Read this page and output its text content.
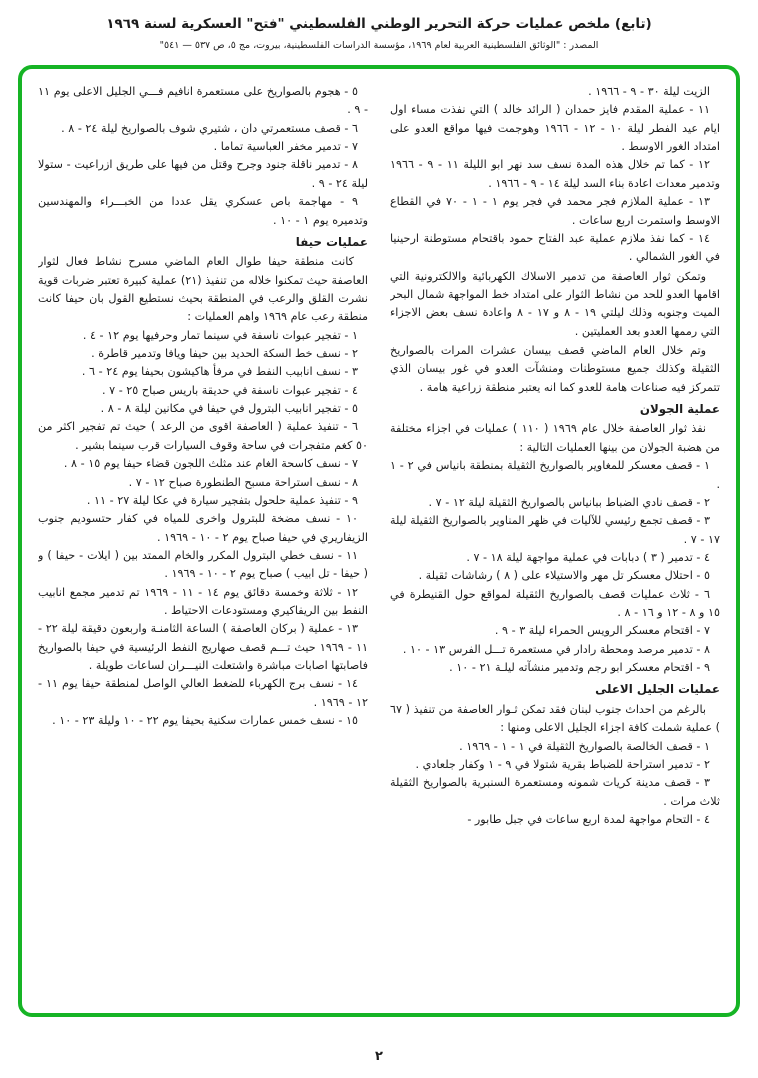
(تابع) ملخص عمليات حركة التحرير الوطني الفلسطيني "فتح" العسكرية لسنة ١٩٦٩
المصدر : "الوثائق الفلسطينية العربية لعام ١٩٦٩، مؤسسة الدراسات الفلسطينية، بيروت، مج ٥، ص ٥٣٧ — ٥٤١"

الزيت ليلة ٣٠ - ٩ - ١٩٦٦ .

١١ - عملية المقدم فايز حمدان ( الرائد خالد ) التي نفذت مساء اول ايام عيد الفطر ليلة ١٠ - ١٢ - ١٩٦٦ وهوجمت فيها مواقع العدو على امتداد الغور الاوسط .

١٢ - كما تم خلال هذه المدة نسف سد نهر ابو الليلة ١١ - ٩ - ١٩٦٦ وتدمير معدات اعادة بناء السد ليلة ١٤ - ٩ - ١٩٦٦ .

١٣ - عملية الملازم فجر محمد في فجر يوم ١ - ١ - ٧٠ في القطاع الاوسط واستمرت اربع ساعات .

١٤ - كما نفذ ملازم عملية عبد الفتاح حمود باقتحام مستوطنة ارحينيا في الغور الشمالي .

وتمكن ثوار العاصفة من تدمير الاسلاك الكهربائية والالكترونية التي اقامها العدو للحد من نشاط الثوار على امتداد خط المواجهة شمال البحر الميت وجنوبه وذلك ليلتي ١٩ - ٨ و ١٧ - ٨ واعادة نسف بعض الاجزاء التي رممها العدو بعد العمليتين .

وتم خلال العام الماضي قصف بيسان عشرات المرات بالصواريخ الثقيلة وكذلك جميع مستوطنات ومنشآت العدو في غور بيسان الذي تتمركز فيه صناعات هامة للعدو كما انه يعتبر منطقة زراعية هامة .

عملية الجولان

نفذ ثوار العاصفة خلال عام ١٩٦٩ ( ١١٠ ) عمليات في اجزاء مختلفة من هضبة الجولان من بينها العمليات التالية :

١ - قصف معسكر للمغاوير بالصواريخ الثقيلة بمنطقة بانياس في ٢ - ١ .

٢ - قصف نادي الضباط ببانياس بالصواريخ الثقيلة ليلة ١٢ - ٧ .

٣ - قصف تجمع رئيسي للآليات في ظهر المناوير بالصواريخ الثقيلة ليلة ١٧ - ٧ .

٤ - تدمير ( ٣ ) دبابات في عملية مواجهة ليلة ١٨ - ٧ .

٥ - احتلال معسكر تل مهر والاستيلاء على ( ٨ ) رشاشات ثقيلة .

٦ - ثلاث عمليات قصف بالصواريخ الثقيلة لمواقع حول القنيطرة في ١٥ و ٨ - ١٢ و ١٦ - ٨ .

٧ - اقتحام معسكر الرويس الحمراء ليلة ٣ - ٩ .

٨ - تدمير مرصد ومحطة رادار في مستعمرة تـــل الفرس ١٣ - ١٠ .

٩ - اقتحام معسكر ابو رجم وتدمير منشآته ليلـة ٢١ - ١٠ .

عمليات الجليل الاعلى

بالرغم من احداث جنوب لبنان فقد تمكن ثـوار العاصفة من تنفيذ ( ٦٧ ) عملية شملت كافة اجزاء الجليل الاعلى ومنها :

١ - قصف الخالصة بالصواريخ الثقيلة في ١ - ١ - ١٩٦٩ .

٢ - تدمير استراحة للضباط بقرية شتولا في ٩ - ١ وكفار جلعادي .

٣ - قصف مدينة كريات شمونه ومستعمرة السنبرية بالصواريخ الثقيلة ثلاث مرات .

٤ - التحام مواجهة لمدة اربع ساعات في جبل طابور -

٥ - هجوم بالصواريخ على مستعمرة انافيم فـــي الجليل الاعلى يوم ١١ - ٩ .

٦ - قصف مستعمرتي دان ، شتيري شوف بالصواريخ ليلة ٢٤ - ٨ .

٧ - تدمير مخفر العباسية تماما .

٨ - تدمير ناقلة جنود وجرح وقتل من فيها على طريق ازراعيت - ستولا ليلة ٢٤ - ٩ .

٩ - مهاجمة باص عسكري يقل عددا من الخبـــراء والمهندسين وتدميره يوم ١ - ١٠ .

عمليات حيفا

كانت منطقة حيفا طوال العام الماضي مسرح نشاط فعال لثوار العاصفة حيث تمكنوا خلاله من تنفيذ (٢١) عملية كبيرة تعتبر ضربات قوية نشرت القلق والرعب في المنطقة بحيث نستطيع القول بان حيفا كانت منطقة رعب عام ١٩٦٩ واهم العمليات :

١ - تفجير عبوات ناسفة في سينما تمار وحرفيها يوم ١٢ - ٤ .

٢ - نسف خط السكة الحديد بين حيفا ويافا وتدمير قاطرة .

٣ - نسف انابيب النفط في مرفأ هاكيشون بحيفا يوم ٢٤ - ٦ .

٤ - تفجير عبوات ناسفة في حديقة باريس صباح ٢٥ - ٧ .

٥ - تفجير انابيب البترول في حيفا في مكانين ليلة ٨ - ٨ .

٦ - تنفيذ عملية ( العاصفة اقوى من الرعد ) حيث تم تفجير اكثر من ٥٠ كغم متفجرات في ساحة وقوف السيارات قرب سينما بشير .

٧ - نسف كاسحة الغام عند مثلث اللجون قضاء حيفا يوم ١٥ - ٨ .

٨ - نسف استراحة مسبح الطنطورة صباح ١٢ - ٧ .

٩ - تنفيذ عملية حلحول بتفجير سيارة في عكا ليلة ٢٧ - ١١ .

١٠ - نسف مضخة للبترول واخرى للمياه في كفار حتسوديم جنوب الزيفاريري في حيفا صباح يوم ٢ - ١٠ - ١٩٦٩ .

١١ - نسف خطي البترول المكرر والخام الممتد بين ( ايلات - حيفا ) و ( حيفا - تل ابيب ) صباح يوم ٢ - ١٠ - ١٩٦٩ .

١٢ - ثلاثة وخمسة دقائق يوم ١٤ - ١١ - ١٩٦٩ تم تدمير مجمع انابيب النفط بين الريفاكيري ومستودعات الاحتياط .

١٣ - عملية ( بركان العاصفة ) الساعة الثامنـة واربعون دقيقة ليلة ٢٢ - ١١ - ١٩٦٩ حيث تـــم قصف صهاريج النفط الرئيسية في حيفا بالصواريخ فاصابتها اصابات مباشرة واشتعلت النيـــران لساعات طويلة .

١٤ - نسف برج الكهرباء للضغط العالي الواصل لمنطقة حيفا يوم ١١ - ١٢ - ١٩٦٩ .

١٥ - نسف خمس عمارات سكنية بحيفا يوم ٢٢ - ١٠ وليلة ٢٣ - ١٠ .

٢
